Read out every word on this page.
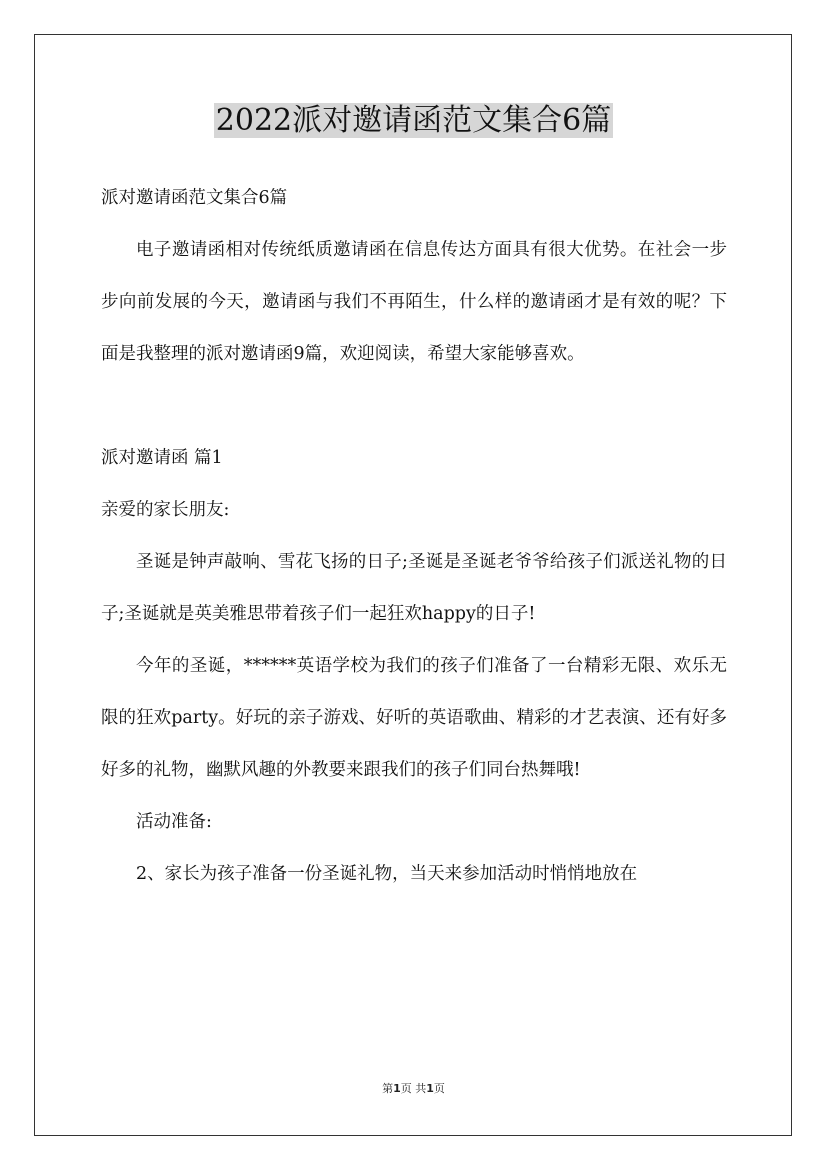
2022派对邀请函范文集合6篇

派对邀请函范文集合6篇

电子邀请函相对传统纸质邀请函在信息传达方面具有很大优势。在社会一步步向前发展的今天，邀请函与我们不再陌生，什么样的邀请函才是有效的呢？下面是我整理的派对邀请函9篇，欢迎阅读，希望大家能够喜欢。

派对邀请函 篇1

亲爱的家长朋友:

圣诞是钟声敲响、雪花飞扬的日子;圣诞是圣诞老爷爷给孩子们派送礼物的日子;圣诞就是英美雅思带着孩子们一起狂欢happy的日子!

今年的圣诞，******英语学校为我们的孩子们准备了一台精彩无限、欢乐无限的狂欢party。好玩的亲子游戏、好听的英语歌曲、精彩的才艺表演、还有好多好多的礼物，幽默风趣的外教要来跟我们的孩子们同台热舞哦!

活动准备:

2、家长为孩子准备一份圣诞礼物，当天来参加活动时悄悄地放在

第1页 共1页
